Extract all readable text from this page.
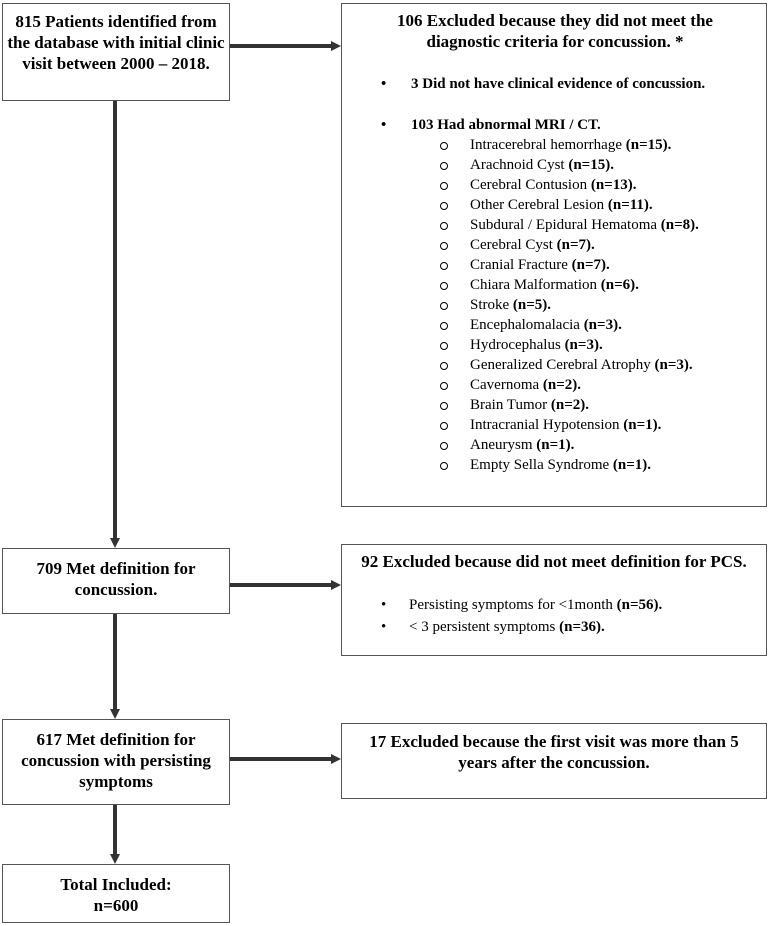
815 Patients identified from the database with initial clinic visit between 2000 – 2018.
709 Met definition for concussion.
617 Met definition for concussion with persisting symptoms
Total Included:
n=600
106 Excluded because they did not meet the diagnostic criteria for concussion. *
• 3 Did not have clinical evidence of concussion.
• 103 Had abnormal MRI / CT.
Intracerebral hemorrhage (n=15).
Arachnoid Cyst (n=15).
Cerebral Contusion (n=13).
Other Cerebral Lesion (n=11).
Subdural / Epidural Hematoma (n=8).
Cerebral Cyst (n=7).
Cranial Fracture (n=7).
Chiara Malformation (n=6).
Stroke (n=5).
Encephalomalacia (n=3).
Hydrocephalus (n=3).
Generalized Cerebral Atrophy (n=3).
Cavernoma (n=2).
Brain Tumor (n=2).
Intracranial Hypotension (n=1).
Aneurysm (n=1).
Empty Sella Syndrome (n=1).
92 Excluded because did not meet definition for PCS.
• Persisting symptoms for <1month (n=56).
• < 3 persistent symptoms (n=36).
17 Excluded because the first visit was more than 5 years after the concussion.
